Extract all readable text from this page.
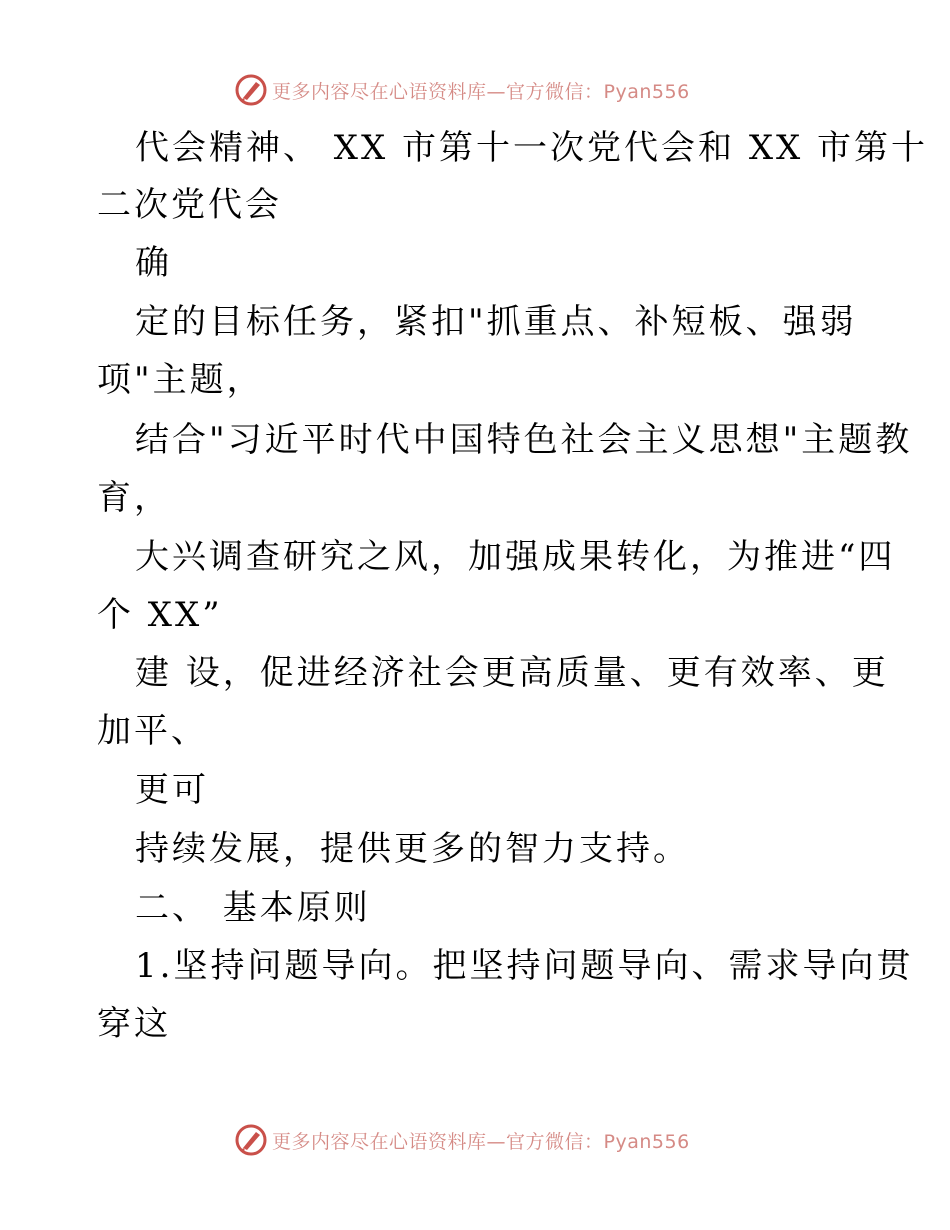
更多内容尽在心语资料库—官方微信：Pyan556
代会精神、 XX 市第十一次党代会和 XX 市第十
二次党代会
确
定的目标任务，紧扣"抓重点、补短板、强弱
项"主题，
结合"习近平时代中国特色社会主义思想"主题教
育，
大兴调查研究之风，加强成果转化，为推进“四
个 XX”
建 设，促进经济社会更高质量、更有效率、更
加平、
更可
持续发展，提供更多的智力支持。
二、 基本原则
1.坚持问题导向。把坚持问题导向、需求导向贯
穿这
更多内容尽在心语资料库—官方微信：Pyan556
